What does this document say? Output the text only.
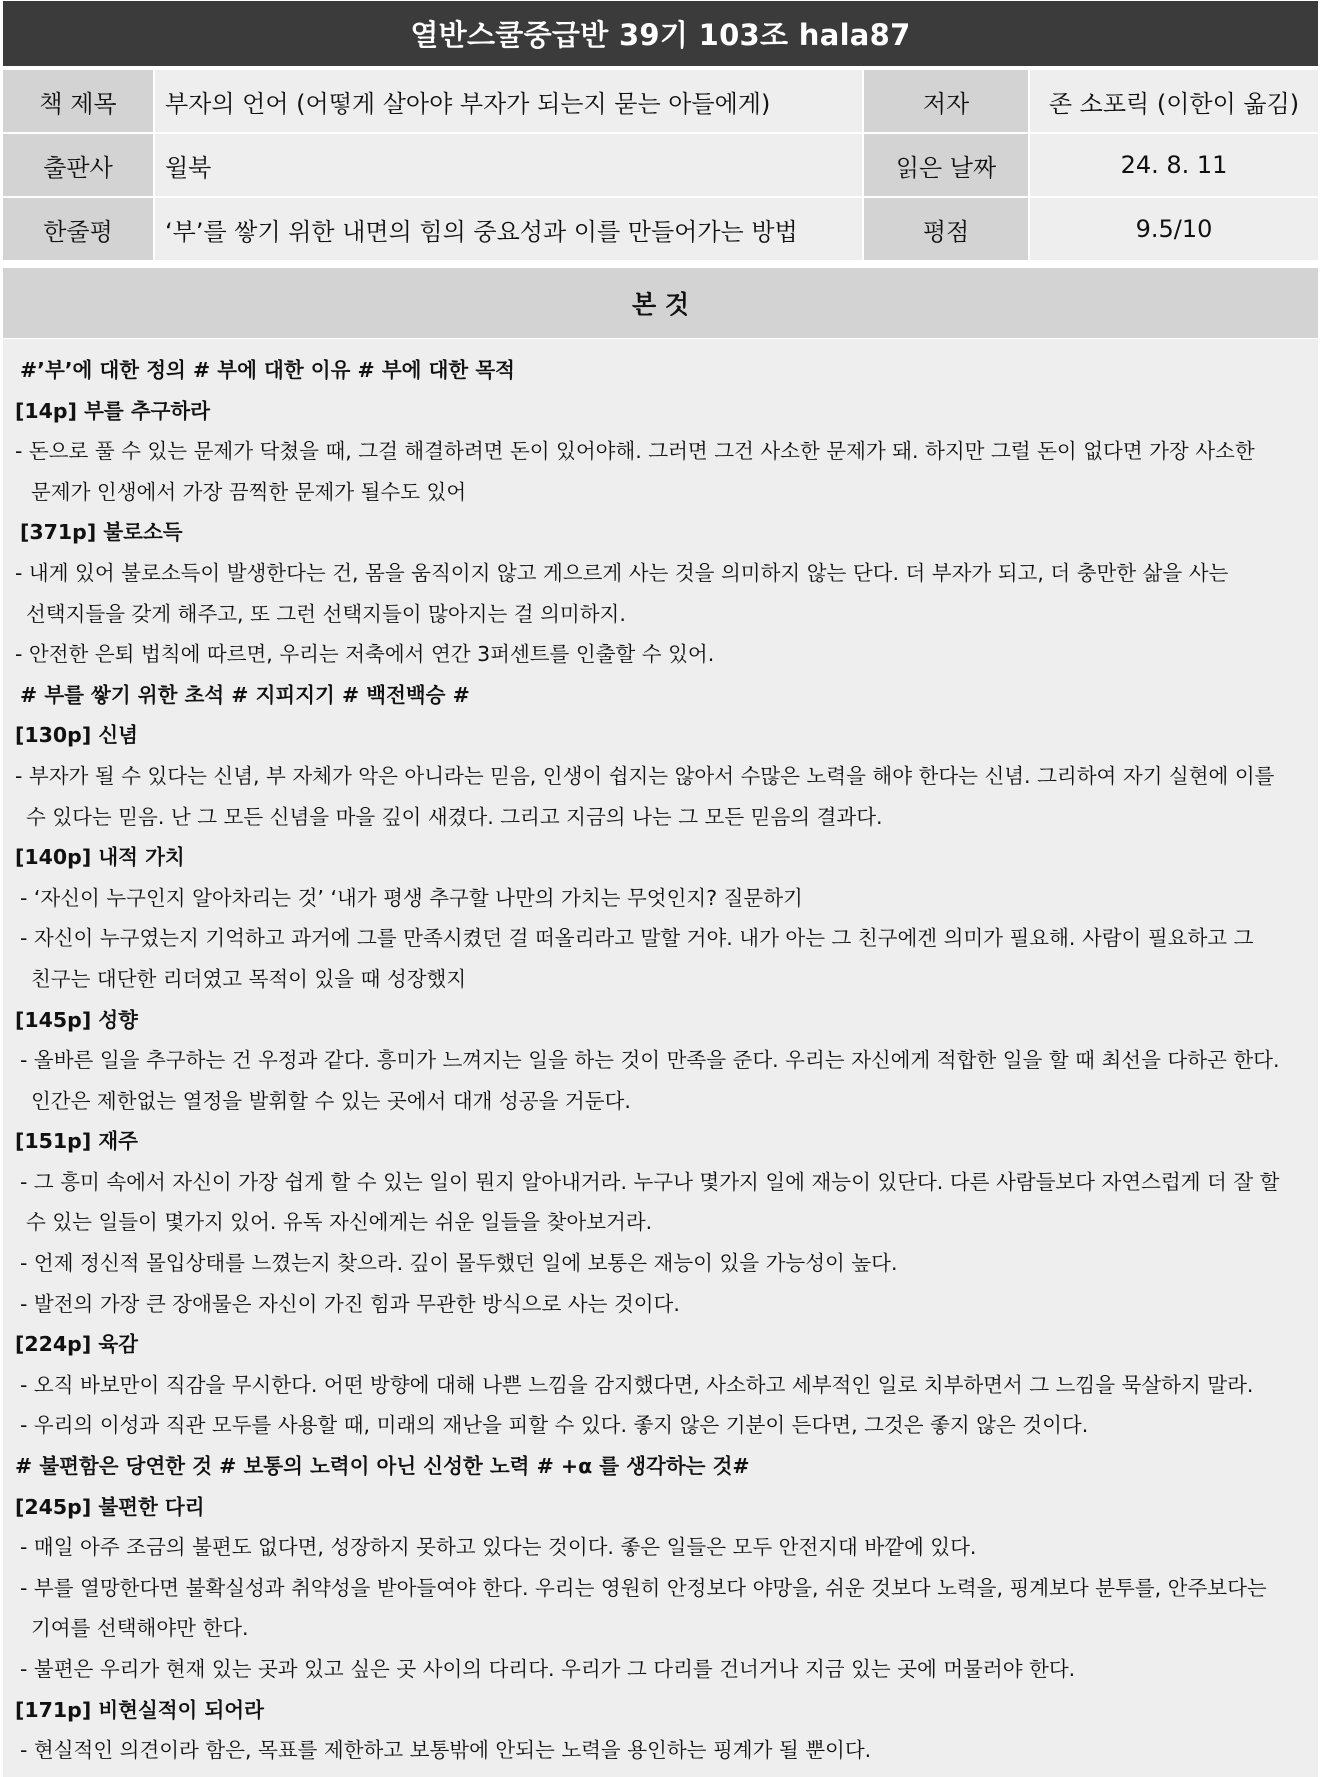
열반스쿨중급반 39기 103조 hala87
책 제목	부자의 언어 (어떻게 살아야 부자가 되는지 묻는 아들에게)	저자	존 소포릭 (이한이 옮김)
출판사	윌북	읽은 날짜	24. 8. 11
한줄평	‘부’를 쌓기 위한 내면의 힘의 중요성과 이를 만들어가는 방법	평점	9.5/10
본 것
#’부’에 대한 정의 # 부에 대한 이유 # 부에 대한 목적
[14p] 부를 추구하라
- 돈으로 풀 수 있는 문제가 닥쳤을 때, 그걸 해결하려면 돈이 있어야해. 그러면 그건 사소한 문제가 돼. 하지만 그럴 돈이 없다면 가장 사소한
문제가 인생에서 가장 끔찍한 문제가 될수도 있어
[371p] 불로소득
- 내게 있어 불로소득이 발생한다는 건, 몸을 움직이지 않고 게으르게 사는 것을 의미하지 않는 단다. 더 부자가 되고, 더 충만한 삶을 사는
선택지들을 갖게 해주고, 또 그런 선택지들이 많아지는 걸 의미하지.
- 안전한 은퇴 법칙에 따르면, 우리는 저축에서 연간 3퍼센트를 인출할 수 있어.
# 부를 쌓기 위한 초석 # 지피지기 # 백전백승 #
[130p] 신념
- 부자가 될 수 있다는 신념, 부 자체가 악은 아니라는 믿음, 인생이 쉽지는 않아서 수많은 노력을 해야 한다는 신념. 그리하여 자기 실현에 이를
수 있다는 믿음. 난 그 모든 신념을 마을 깊이 새겼다. 그리고 지금의 나는 그 모든 믿음의 결과다.
[140p] 내적 가치
- ‘자신이 누구인지 알아차리는 것’ ‘내가 평생 추구할 나만의 가치는 무엇인지? 질문하기
- 자신이 누구였는지 기억하고 과거에 그를 만족시켰던 걸 떠올리라고 말할 거야. 내가 아는 그 친구에겐 의미가 필요해. 사람이 필요하고 그
친구는 대단한 리더였고 목적이 있을 때 성장했지
[145p] 성향
- 올바른 일을 추구하는 건 우정과 같다. 흥미가 느껴지는 일을 하는 것이 만족을 준다. 우리는 자신에게 적합한 일을 할 때 최선을 다하곤 한다.
인간은 제한없는 열정을 발휘할 수 있는 곳에서 대개 성공을 거둔다.
[151p] 재주
- 그 흥미 속에서 자신이 가장 쉽게 할 수 있는 일이 뭔지 알아내거라. 누구나 몇가지 일에 재능이 있단다. 다른 사람들보다 자연스럽게 더 잘 할
수 있는 일들이 몇가지 있어. 유독 자신에게는 쉬운 일들을 찾아보거라.
- 언제 정신적 몰입상태를 느꼈는지 찾으라. 깊이 몰두했던 일에 보통은 재능이 있을 가능성이 높다.
- 발전의 가장 큰 장애물은 자신이 가진 힘과 무관한 방식으로 사는 것이다.
[224p] 육감
- 오직 바보만이 직감을 무시한다. 어떤 방향에 대해 나쁜 느낌을 감지했다면, 사소하고 세부적인 일로 치부하면서 그 느낌을 묵살하지 말라.
- 우리의 이성과 직관 모두를 사용할 때, 미래의 재난을 피할 수 있다. 좋지 않은 기분이 든다면, 그것은 좋지 않은 것이다.
# 불편함은 당연한 것 # 보통의 노력이 아닌 신성한 노력 # +α 를 생각하는 것#
[245p] 불편한 다리
- 매일 아주 조금의 불편도 없다면, 성장하지 못하고 있다는 것이다. 좋은 일들은 모두 안전지대 바깥에 있다.
- 부를 열망한다면 불확실성과 취약성을 받아들여야 한다. 우리는 영원히 안정보다 야망을, 쉬운 것보다 노력을, 핑계보다 분투를, 안주보다는
기여를 선택해야만 한다.
- 불편은 우리가 현재 있는 곳과 있고 싶은 곳 사이의 다리다. 우리가 그 다리를 건너거나 지금 있는 곳에 머물러야 한다.
[171p] 비현실적이 되어라
- 현실적인 의견이라 함은, 목표를 제한하고 보통밖에 안되는 노력을 용인하는 핑계가 될 뿐이다.
